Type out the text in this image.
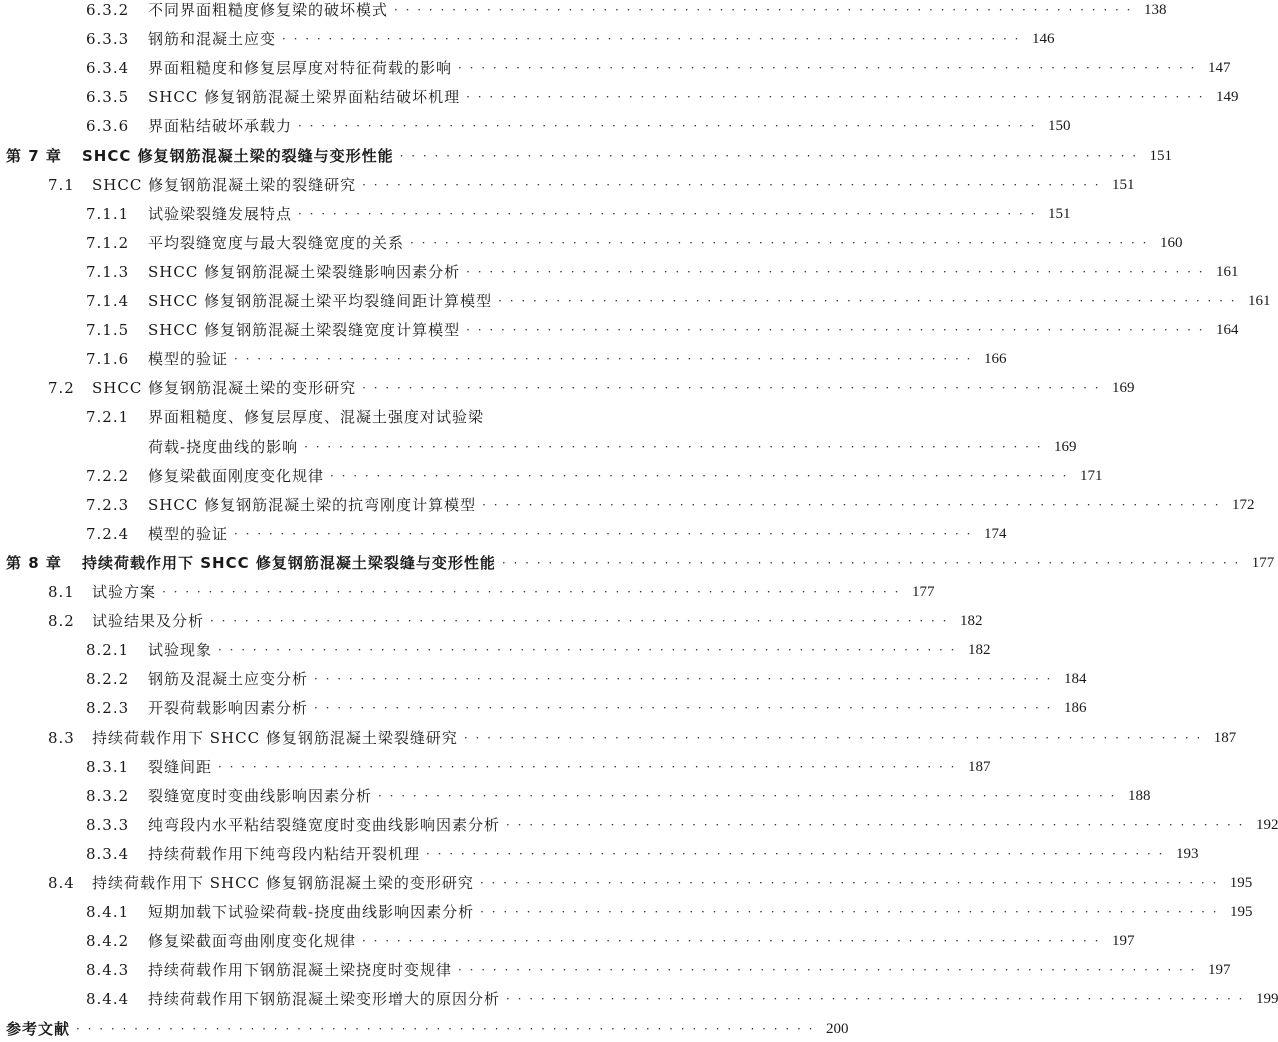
6.3.2	不同界面粗糙度修复梁的破坏模式 · · · · · · · · · · · · · · · · · · · · · · · · · · · · · · · · · · · · · · · · · · · · · · · · · · · · · · · · · · · · · · · · 138
6.3.3	钢筋和混凝土应变 · · · · · · · · · · · · · · · · · · · · · · · · · · · · · · · · · · · · · · · · · · · · · · · · · · · · · · · · · · · · · · · · 146
6.3.4	界面粗糙度和修复层厚度对特征荷载的影响 · · · · · · · · · · · · · · · · · · · · · · · · · · · · · · · · · · · · · · · · · · · · · · · · · · · · · · · · · · · · · · · · 147
6.3.5	SHCC 修复钢筋混凝土梁界面粘结破坏机理 · · · · · · · · · · · · · · · · · · · · · · · · · · · · · · · · · · · · · · · · · · · · · · · · · · · · · · · · · · · · · · · · 149
6.3.6	界面粘结破坏承载力 · · · · · · · · · · · · · · · · · · · · · · · · · · · · · · · · · · · · · · · · · · · · · · · · · · · · · · · · · · · · · · · · 150
第 7 章	SHCC 修复钢筋混凝土梁的裂缝与变形性能 · · · · · · · · · · · · · · · · · · · · · · · · · · · · · · · · · · · · · · · · · · · · · · · · · · · · · · · · · · · · · · · · 151
7.1	SHCC 修复钢筋混凝土梁的裂缝研究 · · · · · · · · · · · · · · · · · · · · · · · · · · · · · · · · · · · · · · · · · · · · · · · · · · · · · · · · · · · · · · · · 151
7.1.1	试验梁裂缝发展特点 · · · · · · · · · · · · · · · · · · · · · · · · · · · · · · · · · · · · · · · · · · · · · · · · · · · · · · · · · · · · · · · · 151
7.1.2	平均裂缝宽度与最大裂缝宽度的关系 · · · · · · · · · · · · · · · · · · · · · · · · · · · · · · · · · · · · · · · · · · · · · · · · · · · · · · · · · · · · · · · · 160
7.1.3	SHCC 修复钢筋混凝土梁裂缝影响因素分析 · · · · · · · · · · · · · · · · · · · · · · · · · · · · · · · · · · · · · · · · · · · · · · · · · · · · · · · · · · · · · · · · 161
7.1.4	SHCC 修复钢筋混凝土梁平均裂缝间距计算模型 · · · · · · · · · · · · · · · · · · · · · · · · · · · · · · · · · · · · · · · · · · · · · · · · · · · · · · · · · · · · · · · · 161
7.1.5	SHCC 修复钢筋混凝土梁裂缝宽度计算模型 · · · · · · · · · · · · · · · · · · · · · · · · · · · · · · · · · · · · · · · · · · · · · · · · · · · · · · · · · · · · · · · · 164
7.1.6	模型的验证 · · · · · · · · · · · · · · · · · · · · · · · · · · · · · · · · · · · · · · · · · · · · · · · · · · · · · · · · · · · · · · · · 166
7.2	SHCC 修复钢筋混凝土梁的变形研究 · · · · · · · · · · · · · · · · · · · · · · · · · · · · · · · · · · · · · · · · · · · · · · · · · · · · · · · · · · · · · · · · 169
7.2.1	界面粗糙度、修复层厚度、混凝土强度对试验梁
荷载-挠度曲线的影响 · · · · · · · · · · · · · · · · · · · · · · · · · · · · · · · · · · · · · · · · · · · · · · · · · · · · · · · · · · · · · · · · 169
7.2.2	修复梁截面刚度变化规律 · · · · · · · · · · · · · · · · · · · · · · · · · · · · · · · · · · · · · · · · · · · · · · · · · · · · · · · · · · · · · · · · 171
7.2.3	SHCC 修复钢筋混凝土梁的抗弯刚度计算模型 · · · · · · · · · · · · · · · · · · · · · · · · · · · · · · · · · · · · · · · · · · · · · · · · · · · · · · · · · · · · · · · · 172
7.2.4	模型的验证 · · · · · · · · · · · · · · · · · · · · · · · · · · · · · · · · · · · · · · · · · · · · · · · · · · · · · · · · · · · · · · · · 174
第 8 章	持续荷载作用下 SHCC 修复钢筋混凝土梁裂缝与变形性能 · · · · · · · · · · · · · · · · · · · · · · · · · · · · · · · · · · · · · · · · · · · · · · · · · · · · · · · · · · · · · · · · 177
8.1	试验方案 · · · · · · · · · · · · · · · · · · · · · · · · · · · · · · · · · · · · · · · · · · · · · · · · · · · · · · · · · · · · · · · · 177
8.2	试验结果及分析 · · · · · · · · · · · · · · · · · · · · · · · · · · · · · · · · · · · · · · · · · · · · · · · · · · · · · · · · · · · · · · · · 182
8.2.1	试验现象 · · · · · · · · · · · · · · · · · · · · · · · · · · · · · · · · · · · · · · · · · · · · · · · · · · · · · · · · · · · · · · · · 182
8.2.2	钢筋及混凝土应变分析 · · · · · · · · · · · · · · · · · · · · · · · · · · · · · · · · · · · · · · · · · · · · · · · · · · · · · · · · · · · · · · · · 184
8.2.3	开裂荷载影响因素分析 · · · · · · · · · · · · · · · · · · · · · · · · · · · · · · · · · · · · · · · · · · · · · · · · · · · · · · · · · · · · · · · · 186
8.3	持续荷载作用下 SHCC 修复钢筋混凝土梁裂缝研究 · · · · · · · · · · · · · · · · · · · · · · · · · · · · · · · · · · · · · · · · · · · · · · · · · · · · · · · · · · · · · · · · 187
8.3.1	裂缝间距 · · · · · · · · · · · · · · · · · · · · · · · · · · · · · · · · · · · · · · · · · · · · · · · · · · · · · · · · · · · · · · · · 187
8.3.2	裂缝宽度时变曲线影响因素分析 · · · · · · · · · · · · · · · · · · · · · · · · · · · · · · · · · · · · · · · · · · · · · · · · · · · · · · · · · · · · · · · · 188
8.3.3	纯弯段内水平粘结裂缝宽度时变曲线影响因素分析 · · · · · · · · · · · · · · · · · · · · · · · · · · · · · · · · · · · · · · · · · · · · · · · · · · · · · · · · · · · · · · · · 192
8.3.4	持续荷载作用下纯弯段内粘结开裂机理 · · · · · · · · · · · · · · · · · · · · · · · · · · · · · · · · · · · · · · · · · · · · · · · · · · · · · · · · · · · · · · · · 193
8.4	持续荷载作用下 SHCC 修复钢筋混凝土梁的变形研究 · · · · · · · · · · · · · · · · · · · · · · · · · · · · · · · · · · · · · · · · · · · · · · · · · · · · · · · · · · · · · · · · 195
8.4.1	短期加载下试验梁荷载-挠度曲线影响因素分析 · · · · · · · · · · · · · · · · · · · · · · · · · · · · · · · · · · · · · · · · · · · · · · · · · · · · · · · · · · · · · · · · 195
8.4.2	修复梁截面弯曲刚度变化规律 · · · · · · · · · · · · · · · · · · · · · · · · · · · · · · · · · · · · · · · · · · · · · · · · · · · · · · · · · · · · · · · · 197
8.4.3	持续荷载作用下钢筋混凝土梁挠度时变规律 · · · · · · · · · · · · · · · · · · · · · · · · · · · · · · · · · · · · · · · · · · · · · · · · · · · · · · · · · · · · · · · · 197
8.4.4	持续荷载作用下钢筋混凝土梁变形增大的原因分析 · · · · · · · · · · · · · · · · · · · · · · · · · · · · · · · · · · · · · · · · · · · · · · · · · · · · · · · · · · · · · · · · 199
参考文献 · · · · · · · · · · · · · · · · · · · · · · · · · · · · · · · · · · · · · · · · · · · · · · · · · · · · · · · · · · · · · · · · 200
